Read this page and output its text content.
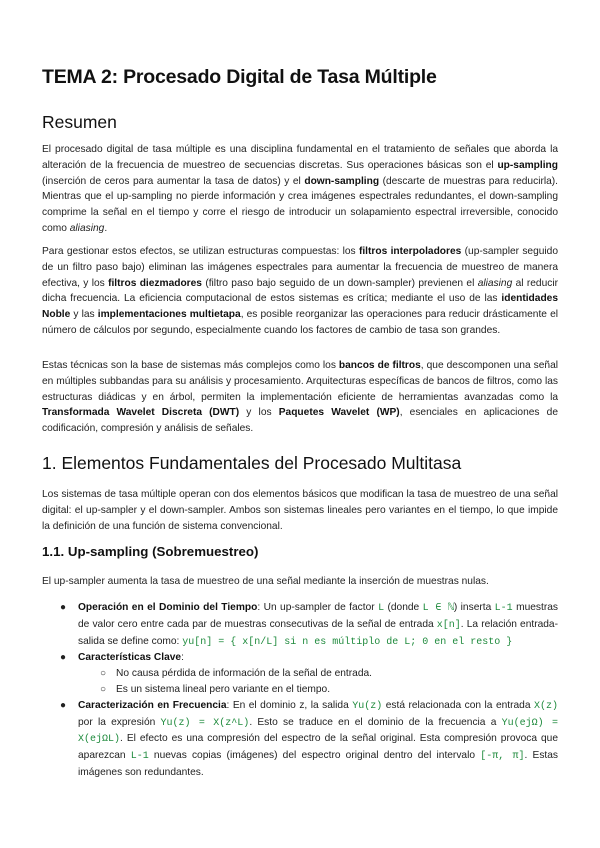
TEMA 2: Procesado Digital de Tasa Múltiple
Resumen

El procesado digital de tasa múltiple es una disciplina fundamental en el tratamiento de señales que aborda la alteración de la frecuencia de muestreo de secuencias discretas. Sus operaciones básicas son el up-sampling (inserción de ceros para aumentar la tasa de datos) y el down-sampling (descarte de muestras para reducirla). Mientras que el up-sampling no pierde información y crea imágenes espectrales redundantes, el down-sampling comprime la señal en el tiempo y corre el riesgo de introducir un solapamiento espectral irreversible, conocido como aliasing.

Para gestionar estos efectos, se utilizan estructuras compuestas: los filtros interpoladores (up-sampler seguido de un filtro paso bajo) eliminan las imágenes espectrales para aumentar la frecuencia de muestreo de manera efectiva, y los filtros diezmadores (filtro paso bajo seguido de un down-sampler) previenen el aliasing al reducir dicha frecuencia. La eficiencia computacional de estos sistemas es crítica; mediante el uso de las identidades Noble y las implementaciones multietapa, es posible reorganizar las operaciones para reducir drásticamente el número de cálculos por segundo, especialmente cuando los factores de cambio de tasa son grandes.

Estas técnicas son la base de sistemas más complejos como los bancos de filtros, que descomponen una señal en múltiples subbandas para su análisis y procesamiento. Arquitecturas específicas de bancos de filtros, como las estructuras diádicas y en árbol, permiten la implementación eficiente de herramientas avanzadas como la Transformada Wavelet Discreta (DWT) y los Paquetes Wavelet (WP), esenciales en aplicaciones de codificación, compresión y análisis de señales.

1. Elementos Fundamentales del Procesado Multitasa

Los sistemas de tasa múltiple operan con dos elementos básicos que modifican la tasa de muestreo de una señal digital: el up-sampler y el down-sampler. Ambos son sistemas lineales pero variantes en el tiempo, lo que impide la definición de una función de sistema convencional.

1.1. Up-sampling (Sobremuestreo)

El up-sampler aumenta la tasa de muestreo de una señal mediante la inserción de muestras nulas.

● Operación en el Dominio del Tiempo: Un up-sampler de factor L (donde L ∈ ℕ) inserta L-1 muestras de valor cero entre cada par de muestras consecutivas de la señal de entrada x[n]. La relación entrada-salida se define como: yu[n] = { x[n/L] si n es múltiplo de L; 0 en el resto }
● Características Clave:
○ No causa pérdida de información de la señal de entrada.
○ Es un sistema lineal pero variante en el tiempo.
● Caracterización en Frecuencia: En el dominio z, la salida Yu(z) está relacionada con la entrada X(z) por la expresión Yu(z) = X(z^L). Esto se traduce en el dominio de la frecuencia a Yu(ejΩ) = X(ejΩL). El efecto es una compresión del espectro de la señal original. Esta compresión provoca que aparezcan L-1 nuevas copias (imágenes) del espectro original dentro del intervalo [-π, π]. Estas imágenes son redundantes.
